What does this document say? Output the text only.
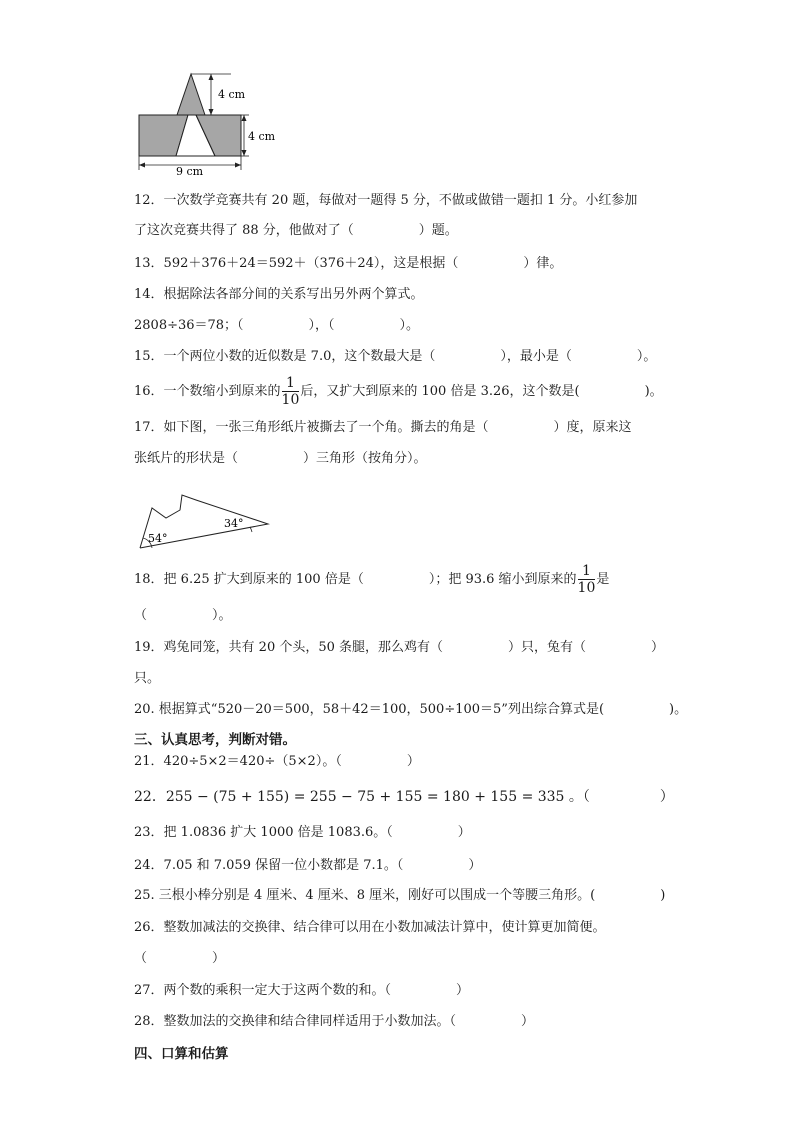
4 cm
4 cm
9 cm
12．一次数学竞赛共有 20 题，每做对一题得 5 分，不做或做错一题扣 1 分。小红参加
了这次竞赛共得了 88 分，他做对了（　　　　　）题。
13．592＋376＋24＝592＋（376＋24），这是根据（　　　　　）律。
14．根据除法各部分间的关系写出另外两个算式。
2808÷36＝78；（　　　　　），（　　　　　）。
15．一个两位小数的近似数是 7.0，这个数最大是（　　　　　），最小是（　　　　　）。
16．一个数缩小到原来的 $\frac{1}{10}$ 后，又扩大到原来的 100 倍是 3.26，这个数是(　　　　　)。
17．如下图，一张三角形纸片被撕去了一个角。撕去的角是（　　　　　）度，原来这
张纸片的形状是（　　　　　）三角形（按角分）。
54°
34°
18．把 6.25 扩大到原来的 100 倍是（　　　　　）；把 93.6 缩小到原来的 $\frac{1}{10}$ 是
（　　　　　）。
19．鸡兔同笼，共有 20 个头，50 条腿，那么鸡有（　　　　　）只，兔有（　　　　　）
只。
20. 根据算式“520－20＝500，58＋42＝100，500÷100＝5”列出综合算式是(　　　　　)。
三、认真思考，判断对错。
21．420÷5×2＝420÷（5×2）。（　　　　　）
22．255 − (75 + 155) = 255 − 75 + 155 = 180 + 155 = 335 。（　　　　　）
23．把 1.0836 扩大 1000 倍是 1083.6。（　　　　　）
24．7.05 和 7.059 保留一位小数都是 7.1。（　　　　　）
25. 三根小棒分别是 4 厘米、4 厘米、8 厘米，刚好可以围成一个等腰三角形。(　　　　　)
26．整数加减法的交换律、结合律可以用在小数加减法计算中，使计算更加简便。
（　　　　　）
27．两个数的乘积一定大于这两个数的和。（　　　　　）
28．整数加法的交换律和结合律同样适用于小数加法。（　　　　　）
四、口算和估算
